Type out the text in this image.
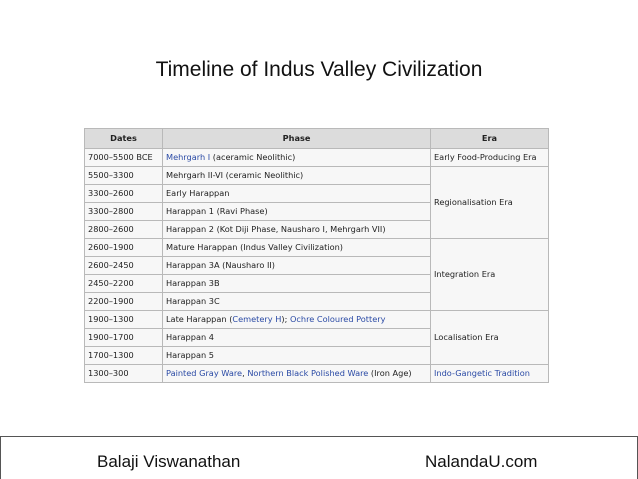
Timeline of Indus Valley Civilization
Dates	Phase	Era
7000–5500 BCE	Mehrgarh I (aceramic Neolithic)	Early Food-Producing Era
5500–3300	Mehrgarh II-VI (ceramic Neolithic)	Regionalisation Era
3300–2600	Early Harappan	
3300–2800	Harappan 1 (Ravi Phase)	
2800–2600	Harappan 2 (Kot Diji Phase, Nausharo I, Mehrgarh VII)	
2600–1900	Mature Harappan (Indus Valley Civilization)	Integration Era
2600–2450	Harappan 3A (Nausharo II)	
2450–2200	Harappan 3B	
2200–1900	Harappan 3C	
1900–1300	Late Harappan (Cemetery H); Ochre Coloured Pottery	Localisation Era
1900–1700	Harappan 4	
1700–1300	Harappan 5	
1300–300	Painted Gray Ware, Northern Black Polished Ware (Iron Age)	Indo-Gangetic Tradition
Balaji Viswanathan	NalandaU.com
